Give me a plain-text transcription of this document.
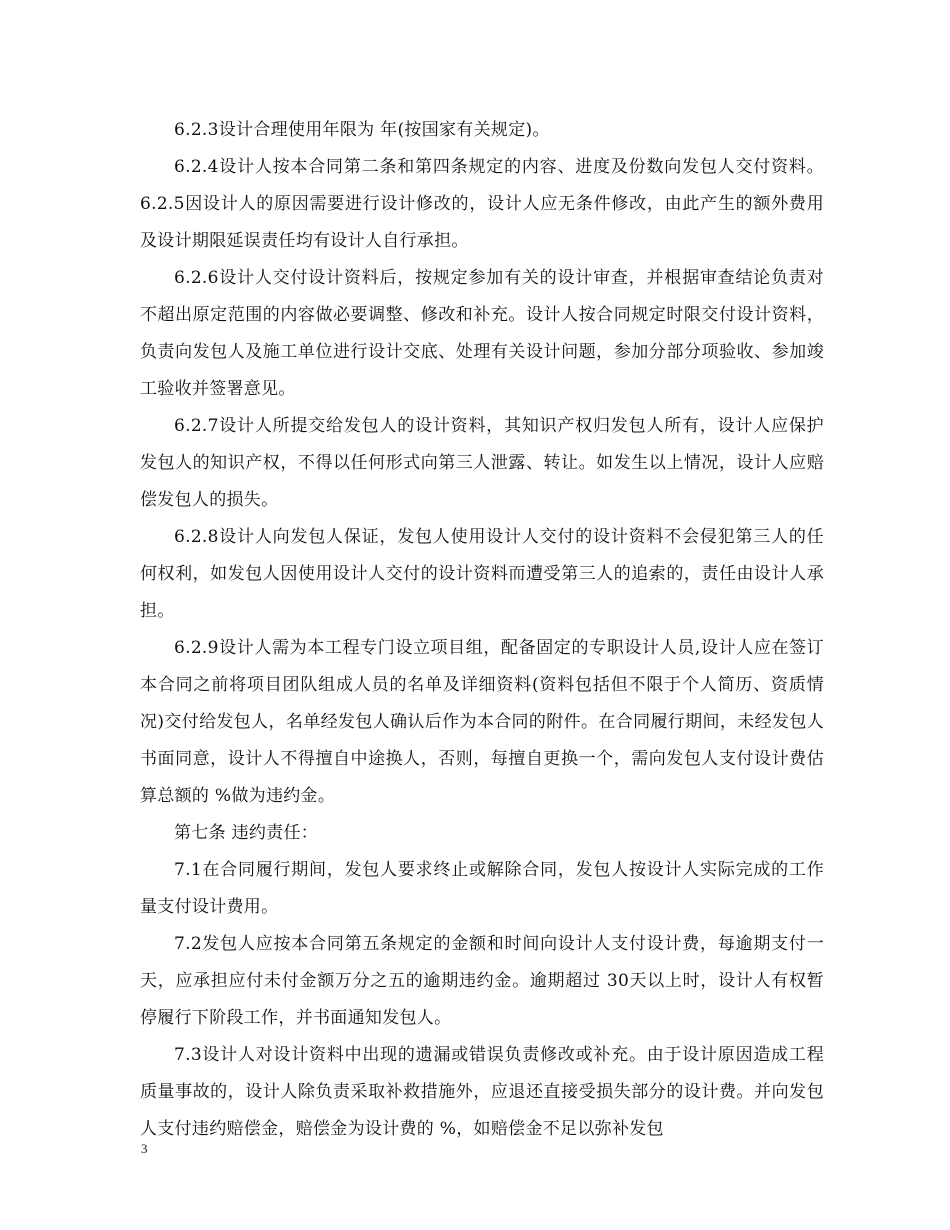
6.2.3设计合理使用年限为 年(按国家有关规定)。

6.2.4设计人按本合同第二条和第四条规定的内容、进度及份数向发包人交付资料。 6.2.5因设计人的原因需要进行设计修改的，设计人应无条件修改，由此产生的额外费用及设计期限延误责任均有设计人自行承担。

6.2.6设计人交付设计资料后，按规定参加有关的设计审查，并根据审查结论负责对不超出原定范围的内容做必要调整、修改和补充。设计人按合同规定时限交付设计资料，负责向发包人及施工单位进行设计交底、处理有关设计问题，参加分部分项验收、参加竣工验收并签署意见。

6.2.7设计人所提交给发包人的设计资料，其知识产权归发包人所有，设计人应保护发包人的知识产权，不得以任何形式向第三人泄露、转让。如发生以上情况，设计人应赔偿发包人的损失。

6.2.8设计人向发包人保证，发包人使用设计人交付的设计资料不会侵犯第三人的任何权利，如发包人因使用设计人交付的设计资料而遭受第三人的追索的，责任由设计人承担。

6.2.9设计人需为本工程专门设立项目组，配备固定的专职设计人员,设计人应在签订本合同之前将项目团队组成人员的名单及详细资料(资料包括但不限于个人简历、资质情况)交付给发包人，名单经发包人确认后作为本合同的附件。在合同履行期间，未经发包人书面同意，设计人不得擅自中途换人，否则，每擅自更换一个，需向发包人支付设计费估算总额的 %做为违约金。

第七条 违约责任：

7.1在合同履行期间，发包人要求终止或解除合同，发包人按设计人实际完成的工作量支付设计费用。

7.2发包人应按本合同第五条规定的金额和时间向设计人支付设计费，每逾期支付一天，应承担应付未付金额万分之五的逾期违约金。逾期超过 30天以上时，设计人有权暂停履行下阶段工作，并书面通知发包人。

7.3设计人对设计资料中出现的遗漏或错误负责修改或补充。由于设计原因造成工程质量事故的，设计人除负责采取补救措施外，应退还直接受损失部分的设计费。并向发包人支付违约赔偿金，赔偿金为设计费的 %，如赔偿金不足以弥补发包

3
